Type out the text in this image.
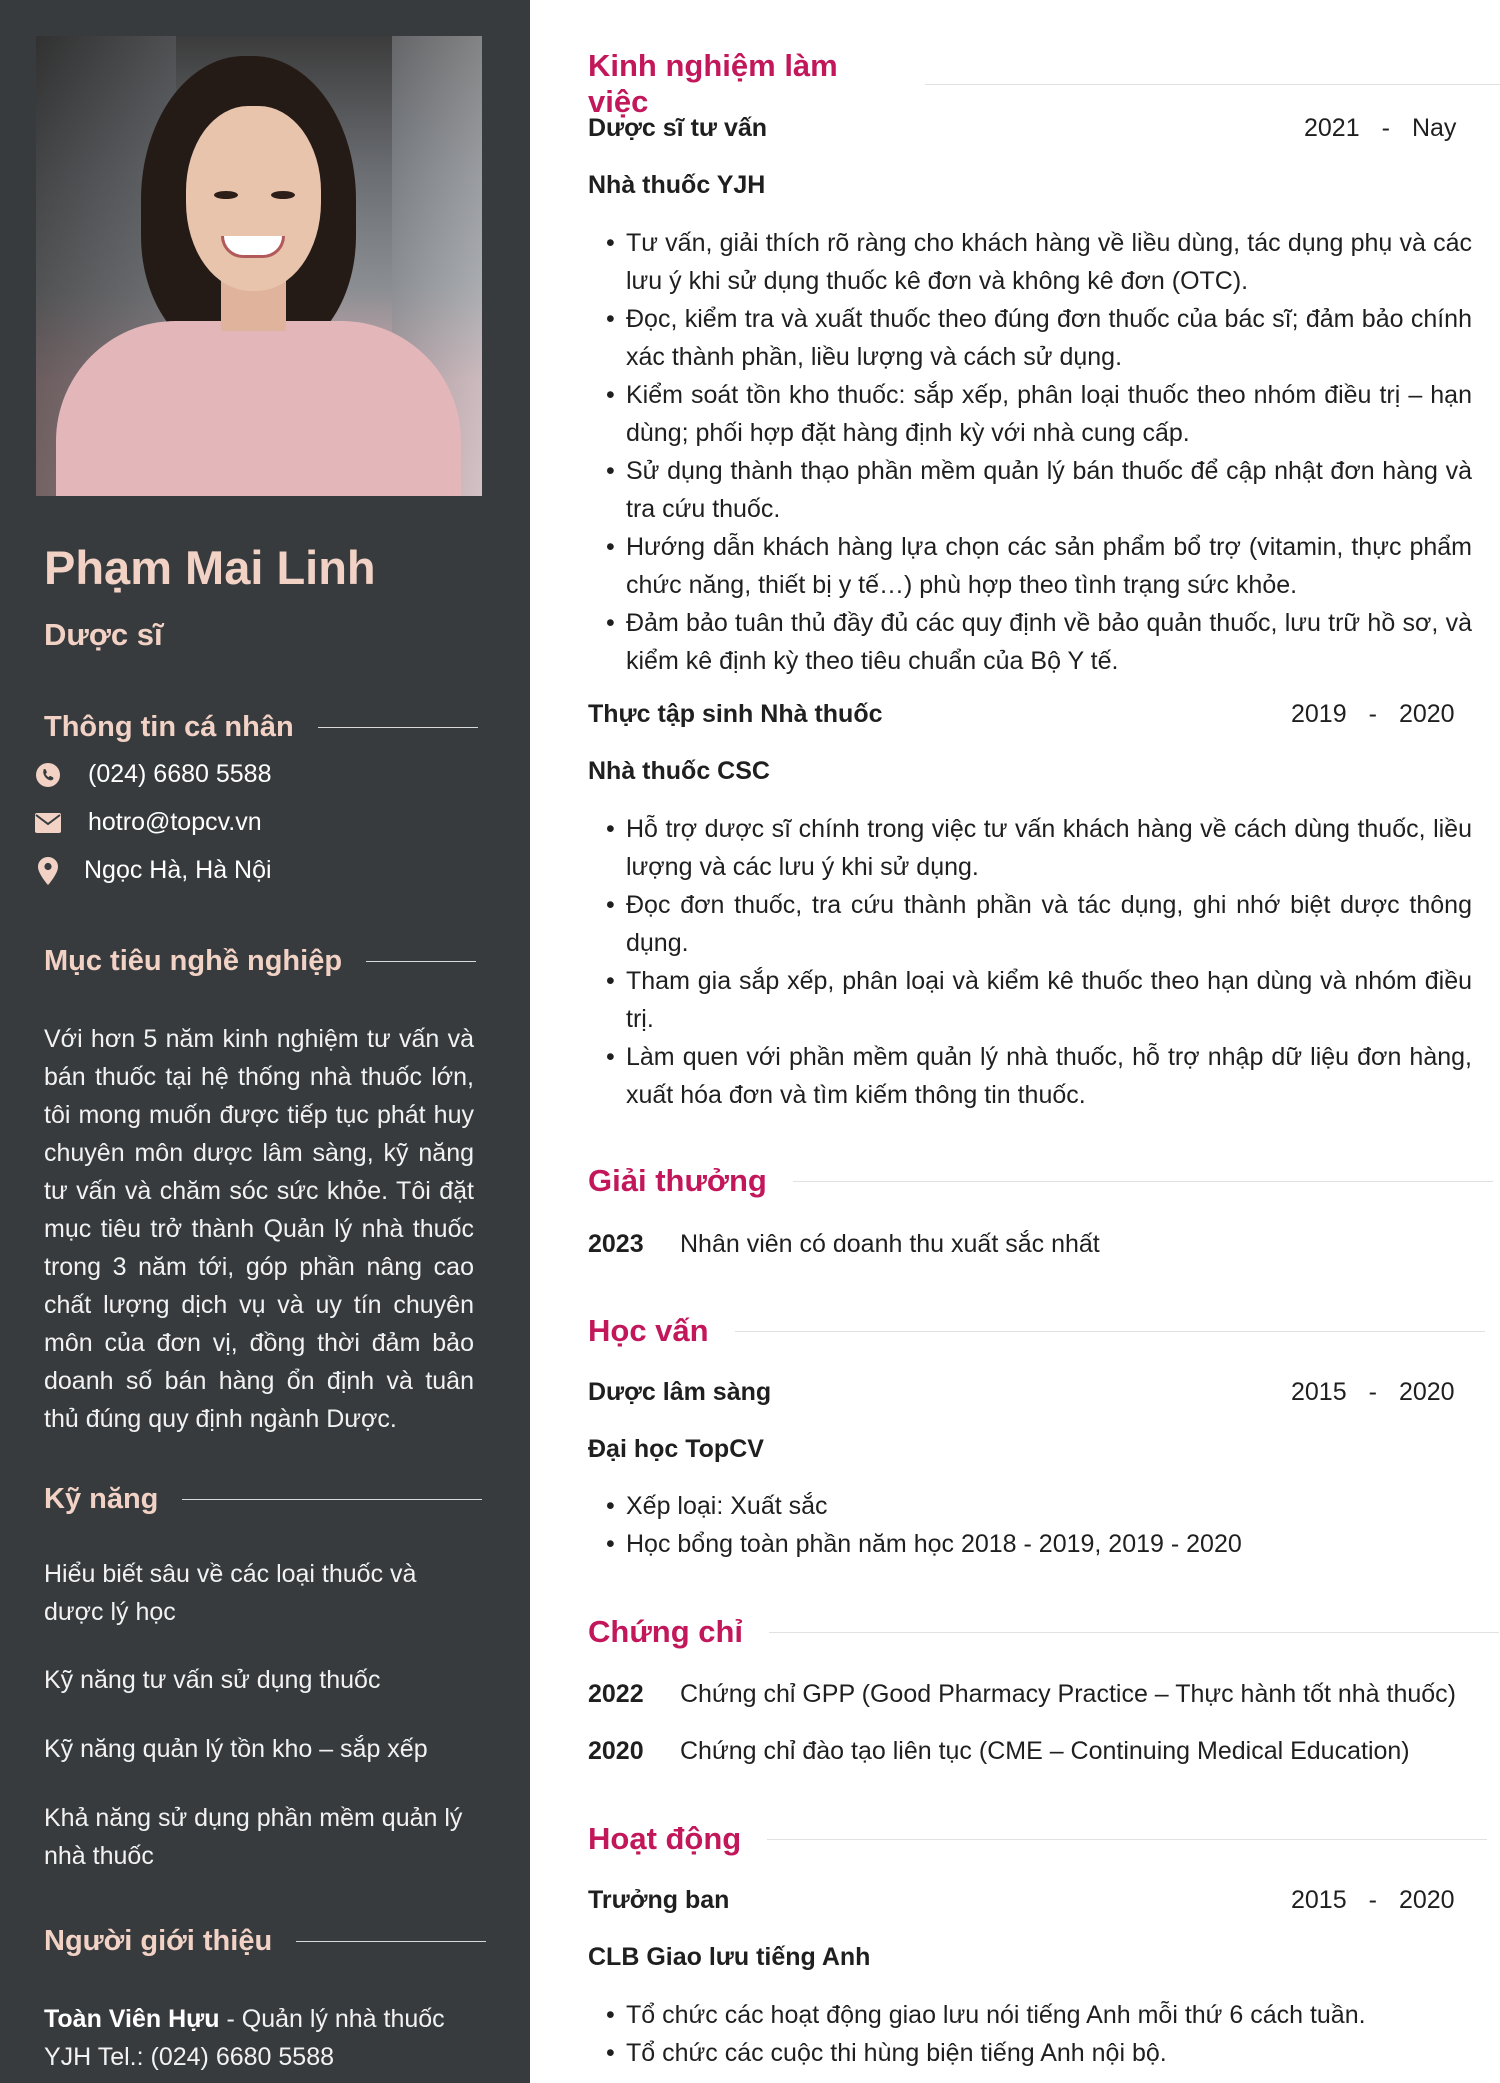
Phạm Mai Linh
Dược sĩ
Thông tin cá nhân
(024) 6680 5588
hotro@topcv.vn
Ngọc Hà, Hà Nội
Mục tiêu nghề nghiệp
Với hơn 5 năm kinh nghiệm tư vấn và bán thuốc tại hệ thống nhà thuốc lớn, tôi mong muốn được tiếp tục phát huy chuyên môn dược lâm sàng, kỹ năng tư vấn và chăm sóc sức khỏe. Tôi đặt mục tiêu trở thành Quản lý nhà thuốc trong 3 năm tới, góp phần nâng cao chất lượng dịch vụ và uy tín chuyên môn của đơn vị, đồng thời đảm bảo doanh số bán hàng ổn định và tuân thủ đúng quy định ngành Dược.
Kỹ năng
Hiểu biết sâu về các loại thuốc và dược lý học
Kỹ năng tư vấn sử dụng thuốc
Kỹ năng quản lý tồn kho – sắp xếp
Khả năng sử dụng phần mềm quản lý nhà thuốc
Người giới thiệu
Toàn Viên Hựu - Quản lý nhà thuốc YJH Tel.: (024) 6680 5588
Kinh nghiệm làm việc
Dược sĩ tư vấn	2021 - Nay
Nhà thuốc YJH
• Tư vấn, giải thích rõ ràng cho khách hàng về liều dùng, tác dụng phụ và các lưu ý khi sử dụng thuốc kê đơn và không kê đơn (OTC).
• Đọc, kiểm tra và xuất thuốc theo đúng đơn thuốc của bác sĩ; đảm bảo chính xác thành phần, liều lượng và cách sử dụng.
• Kiểm soát tồn kho thuốc: sắp xếp, phân loại thuốc theo nhóm điều trị – hạn dùng; phối hợp đặt hàng định kỳ với nhà cung cấp.
• Sử dụng thành thạo phần mềm quản lý bán thuốc để cập nhật đơn hàng và tra cứu thuốc.
• Hướng dẫn khách hàng lựa chọn các sản phẩm bổ trợ (vitamin, thực phẩm chức năng, thiết bị y tế…) phù hợp theo tình trạng sức khỏe.
• Đảm bảo tuân thủ đầy đủ các quy định về bảo quản thuốc, lưu trữ hồ sơ, và kiểm kê định kỳ theo tiêu chuẩn của Bộ Y tế.
Thực tập sinh Nhà thuốc	2019 - 2020
Nhà thuốc CSC
• Hỗ trợ dược sĩ chính trong việc tư vấn khách hàng về cách dùng thuốc, liều lượng và các lưu ý khi sử dụng.
• Đọc đơn thuốc, tra cứu thành phần và tác dụng, ghi nhớ biệt dược thông dụng.
• Tham gia sắp xếp, phân loại và kiểm kê thuốc theo hạn dùng và nhóm điều trị.
• Làm quen với phần mềm quản lý nhà thuốc, hỗ trợ nhập dữ liệu đơn hàng, xuất hóa đơn và tìm kiếm thông tin thuốc.
Giải thưởng
2023	Nhân viên có doanh thu xuất sắc nhất
Học vấn
Dược lâm sàng	2015 - 2020
Đại học TopCV
• Xếp loại: Xuất sắc
• Học bổng toàn phần năm học 2018 - 2019, 2019 - 2020
Chứng chỉ
2022	Chứng chỉ GPP (Good Pharmacy Practice – Thực hành tốt nhà thuốc)
2020	Chứng chỉ đào tạo liên tục (CME – Continuing Medical Education)
Hoạt động
Trưởng ban	2015 - 2020
CLB Giao lưu tiếng Anh
• Tổ chức các hoạt động giao lưu nói tiếng Anh mỗi thứ 6 cách tuần.
• Tổ chức các cuộc thi hùng biện tiếng Anh nội bộ.
